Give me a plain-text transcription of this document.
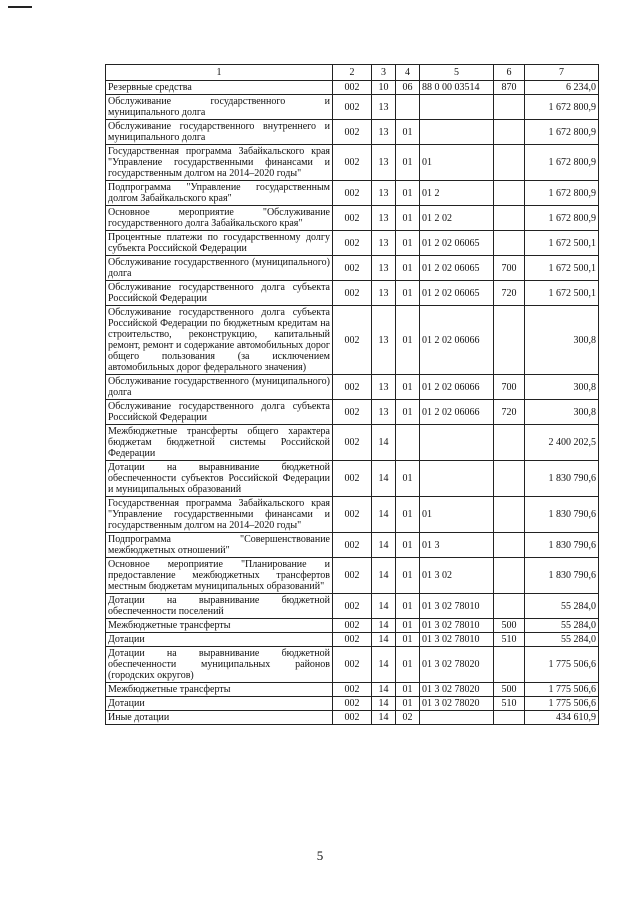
1	2	3	4	5	6	7
Резервные средства	002	10	06	88 0 00 03514	870	6 234,0
Обслуживание государственного и муниципального долга	002	13				1 672 800,9
Обслуживание государственного внутреннего и муниципального долга	002	13	01			1 672 800,9
Государственная программа Забайкальского края "Управление государственными финансами и государственным долгом на 2014–2020 годы"	002	13	01	01		1 672 800,9
Подпрограмма "Управление государственным долгом Забайкальского края"	002	13	01	01 2		1 672 800,9
Основное мероприятие "Обслуживание государственного долга Забайкальского края"	002	13	01	01 2 02		1 672 800,9
Процентные платежи по государственному долгу субъекта Российской Федерации	002	13	01	01 2 02 06065		1 672 500,1
Обслуживание государственного (муниципального) долга	002	13	01	01 2 02 06065	700	1 672 500,1
Обслуживание государственного долга субъекта Российской Федерации	002	13	01	01 2 02 06065	720	1 672 500,1
Обслуживание государственного долга субъекта Российской Федерации по бюджетным кредитам на строительство, реконструкцию, капитальный ремонт, ремонт и содержание автомобильных дорог общего пользования (за исключением автомобильных дорог федерального значения)	002	13	01	01 2 02 06066		300,8
Обслуживание государственного (муниципального) долга	002	13	01	01 2 02 06066	700	300,8
Обслуживание государственного долга субъекта Российской Федерации	002	13	01	01 2 02 06066	720	300,8
Межбюджетные трансферты общего характера бюджетам бюджетной системы Российской Федерации	002	14				2 400 202,5
Дотации на выравнивание бюджетной обеспеченности субъектов Российской Федерации и муниципальных образований	002	14	01			1 830 790,6
Государственная программа Забайкальского края "Управление государственными финансами и государственным долгом на 2014–2020 годы"	002	14	01	01		1 830 790,6
Подпрограмма "Совершенствование межбюджетных отношений"	002	14	01	01 3		1 830 790,6
Основное мероприятие "Планирование и предоставление межбюджетных трансфертов местным бюджетам муниципальных образований"	002	14	01	01 3 02		1 830 790,6
Дотации на выравнивание бюджетной обеспеченности поселений	002	14	01	01 3 02 78010		55 284,0
Межбюджетные трансферты	002	14	01	01 3 02 78010	500	55 284,0
Дотации	002	14	01	01 3 02 78010	510	55 284,0
Дотации на выравнивание бюджетной обеспеченности муниципальных районов (городских округов)	002	14	01	01 3 02 78020		1 775 506,6
Межбюджетные трансферты	002	14	01	01 3 02 78020	500	1 775 506,6
Дотации	002	14	01	01 3 02 78020	510	1 775 506,6
Иные дотации	002	14	02			434 610,9
5
